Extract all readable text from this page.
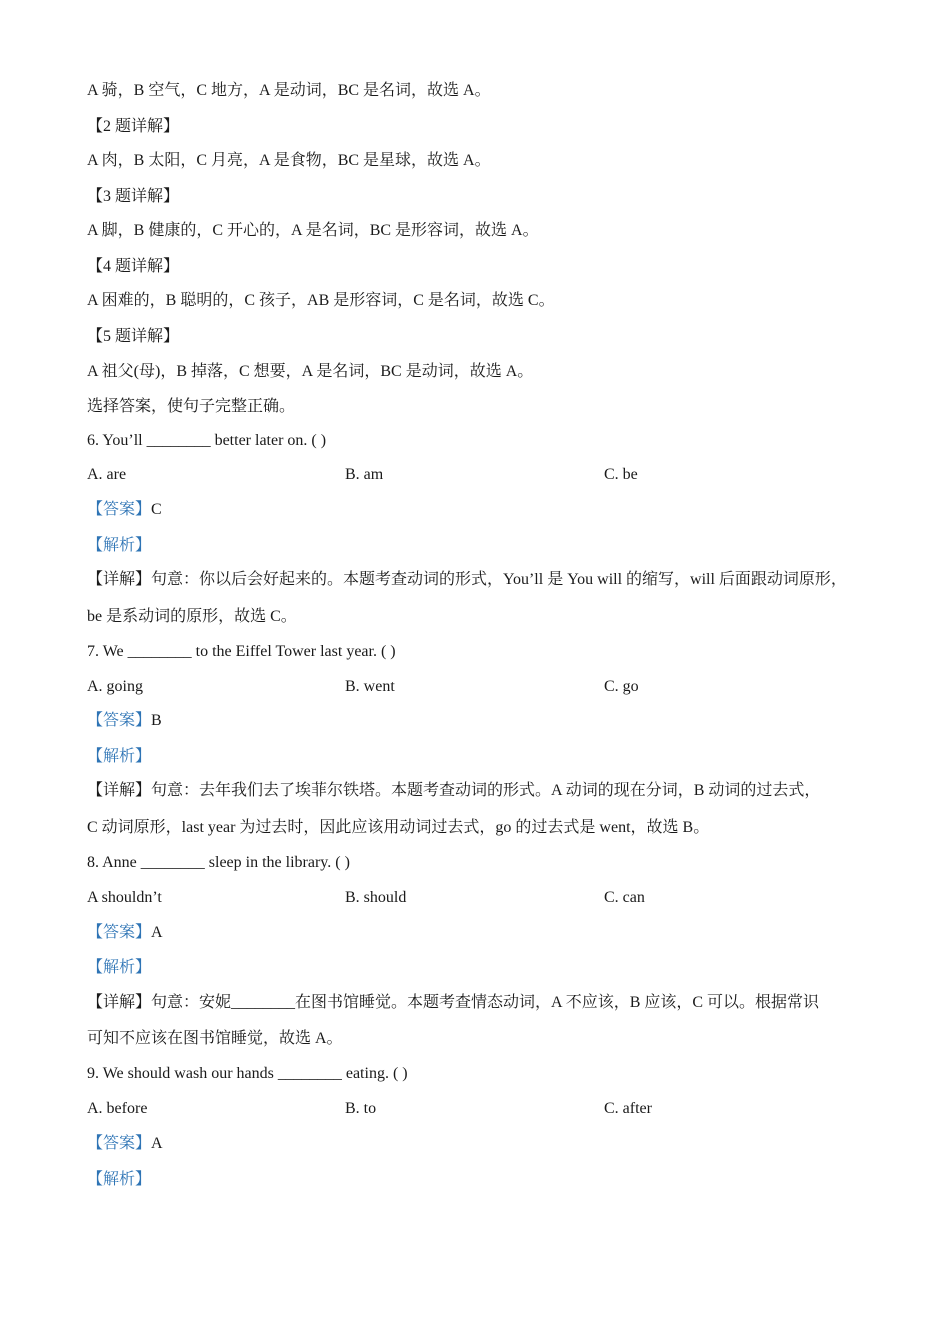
A 骑，B 空气，C 地方，A 是动词，BC 是名词，故选 A。
【2 题详解】
A 肉，B 太阳，C 月亮，A 是食物，BC 是星球，故选 A。
【3 题详解】
A 脚，B 健康的，C 开心的，A 是名词，BC 是形容词，故选 A。
【4 题详解】
A 困难的，B 聪明的，C 孩子，AB 是形容词，C 是名词，故选 C。
【5 题详解】
A 祖父(母)，B 掉落，C 想要，A 是名词，BC 是动词，故选 A。
选择答案，使句子完整正确。
6. You’ll ________ better later on. ( )
A. are	B. am	C. be
【答案】C
【解析】
【详解】句意：你以后会好起来的。本题考查动词的形式，You’ll 是 You will 的缩写，will 后面跟动词原形，
be 是系动词的原形，故选 C。
7. We ________ to the Eiffel Tower last year. ( )
A. going	B. went	C. go
【答案】B
【解析】
【详解】句意：去年我们去了埃菲尔铁塔。本题考查动词的形式。A 动词的现在分词，B 动词的过去式，
C 动词原形，last year 为过去时，因此应该用动词过去式，go 的过去式是 went，故选 B。
8. Anne ________ sleep in the library. ( )
A shouldn’t	B. should	C. can
【答案】A
【解析】
【详解】句意：安妮________在图书馆睡觉。本题考查情态动词，A 不应该，B 应该，C 可以。根据常识
可知不应该在图书馆睡觉，故选 A。
9. We should wash our hands ________ eating. ( )
A. before	B. to	C. after
【答案】A
【解析】
